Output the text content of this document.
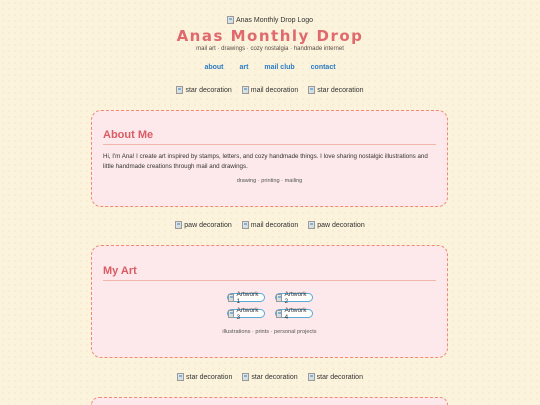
Anas Monthly Drop Logo
Anas Monthly Drop
mail art · drawings · cozy nostalgia · handmade internet
about art mail club contact
star decoration	mail decoration	star decoration
About Me

Hi, I'm Ana! I create art inspired by stamps, letters, and cozy handmade things. I love sharing nostalgic illustrations and little handmade creations through mail and drawings.

drawing · printing · mailing
paw decoration	mail decoration	paw decoration
My Art
Artwork 1
Artwork 2
Artwork 3
Artwork 4
illustrations · prints · personal projects
star decoration	star decoration	star decoration
